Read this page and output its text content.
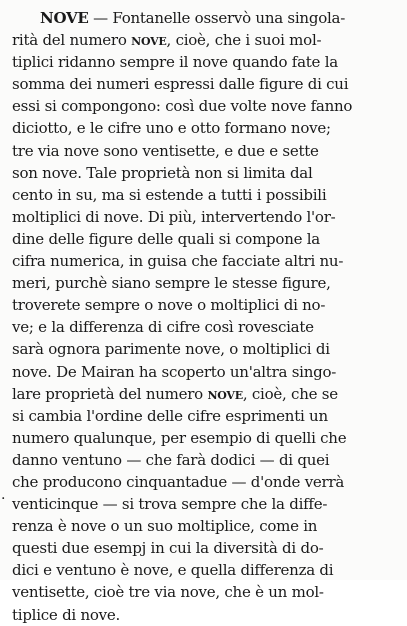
NOVE — Fontanelle osservò una singola-
rità del numero nove, cioè, che i suoi mol-
tiplici ridanno sempre il nove quando fate la
somma dei numeri espressi dalle figure di cui
essi si compongono: così due volte nove fanno
diciotto, e le cifre uno e otto formano nove;
tre via nove sono ventisette, e due e sette
son nove. Tale proprietà non si limita dal
cento in su, ma si estende a tutti i possibili
moltiplici di nove. Di più, intervertendo l'or-
dine delle figure delle quali si compone la
cifra numerica, in guisa che facciate altri nu-
meri, purchè siano sempre le stesse figure,
troverete sempre o nove o moltiplici di no-
ve; e la differenza di cifre così rovesciate
sarà ognora parimente nove, o moltiplici di
nove. De Mairan ha scoperto un'altra singo-
lare proprietà del numero nove, cioè, che se
si cambia l'ordine delle cifre esprimenti un
numero qualunque, per esempio di quelli che
danno ventuno — che farà dodici — di quei
che producono cinquantadue — d'onde verrà
venticinque — si trova sempre che la diffe-
renza è nove o un suo moltiplice, come in
questi due esempj in cui la diversità di do-
dici e ventuno è nove, e quella differenza di
ventisette, cioè tre via nove, che è un mol-
tiplice di nove.
.
